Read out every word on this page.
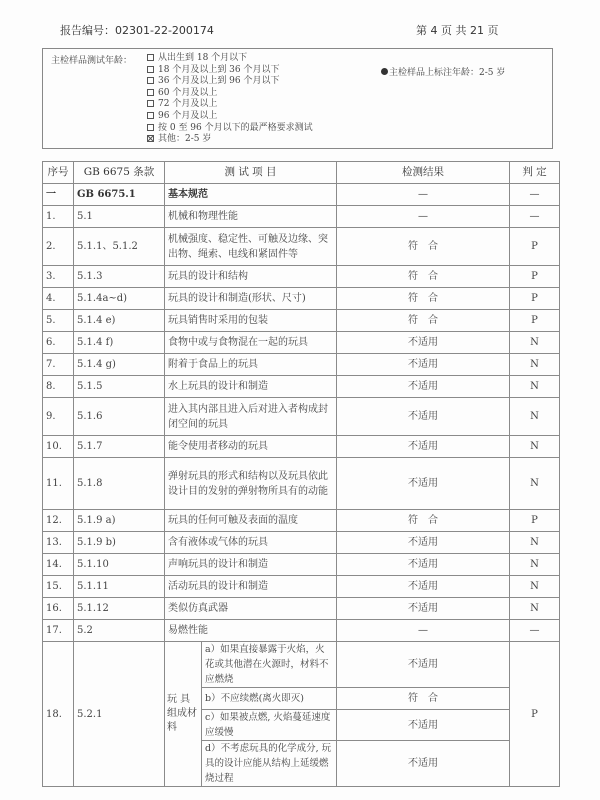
报告编号：02301-22-200174	第 4 页 共 21 页
主检样品测试年龄：	从出生到 18 个月以下
18 个月及以上到 36 个月以下
36 个月及以上到 96 个月以下
60 个月及以上
72 个月及以上
96 个月及以上
按 0 至 96 个月以下的最严格要求测试
其他：2-5 岁
主检样品上标注年龄：2-5 岁
序号	GB 6675 条款	测 试 项 目		检测结果	判 定
一	GB 6675.1	基本规范		—	—
1.	5.1	机械和物理性能		—	—
2.	5.1.1、5.1.2	机械强度、稳定性、可触及边缘、突出物、绳索、电线和紧固件等		符　合	P
3.	5.1.3	玩具的设计和结构		符　合	P
4.	5.1.4a~d)	玩具的设计和制造(形状、尺寸)		符　合	P
5.	5.1.4 e)	玩具销售时采用的包装		符　合	P
6.	5.1.4 f)	食物中或与食物混在一起的玩具		不适用	N
7.	5.1.4 g)	附着于食品上的玩具		不适用	N
8.	5.1.5	水上玩具的设计和制造		不适用	N
9.	5.1.6	进入其内部且进入后对进入者构成封闭空间的玩具		不适用	N
10.	5.1.7	能令使用者移动的玩具		不适用	N
11.	5.1.8	弹射玩具的形式和结构以及玩具依此设计目的发射的弹射物所具有的动能		不适用	N
12.	5.1.9 a)	玩具的任何可触及表面的温度		符　合	P
13.	5.1.9 b)	含有液体或气体的玩具		不适用	N
14.	5.1.10	声响玩具的设计和制造		不适用	N
15.	5.1.11	活动玩具的设计和制造		不适用	N
16.	5.1.12	类似仿真武器		不适用	N
17.	5.2	易燃性能		—	—
18.	5.2.1	玩 具 组成材料	a）如果直接暴露于火焰，火花或其他潜在火源时，材料不应燃烧	不适用	P
			b）不应续燃(离火即灭)	符　合	
			c）如果被点燃, 火焰蔓延速度应缓慢	不适用	
			d）不考虑玩具的化学成分, 玩具的设计应能从结构上延缓燃烧过程	不适用	
